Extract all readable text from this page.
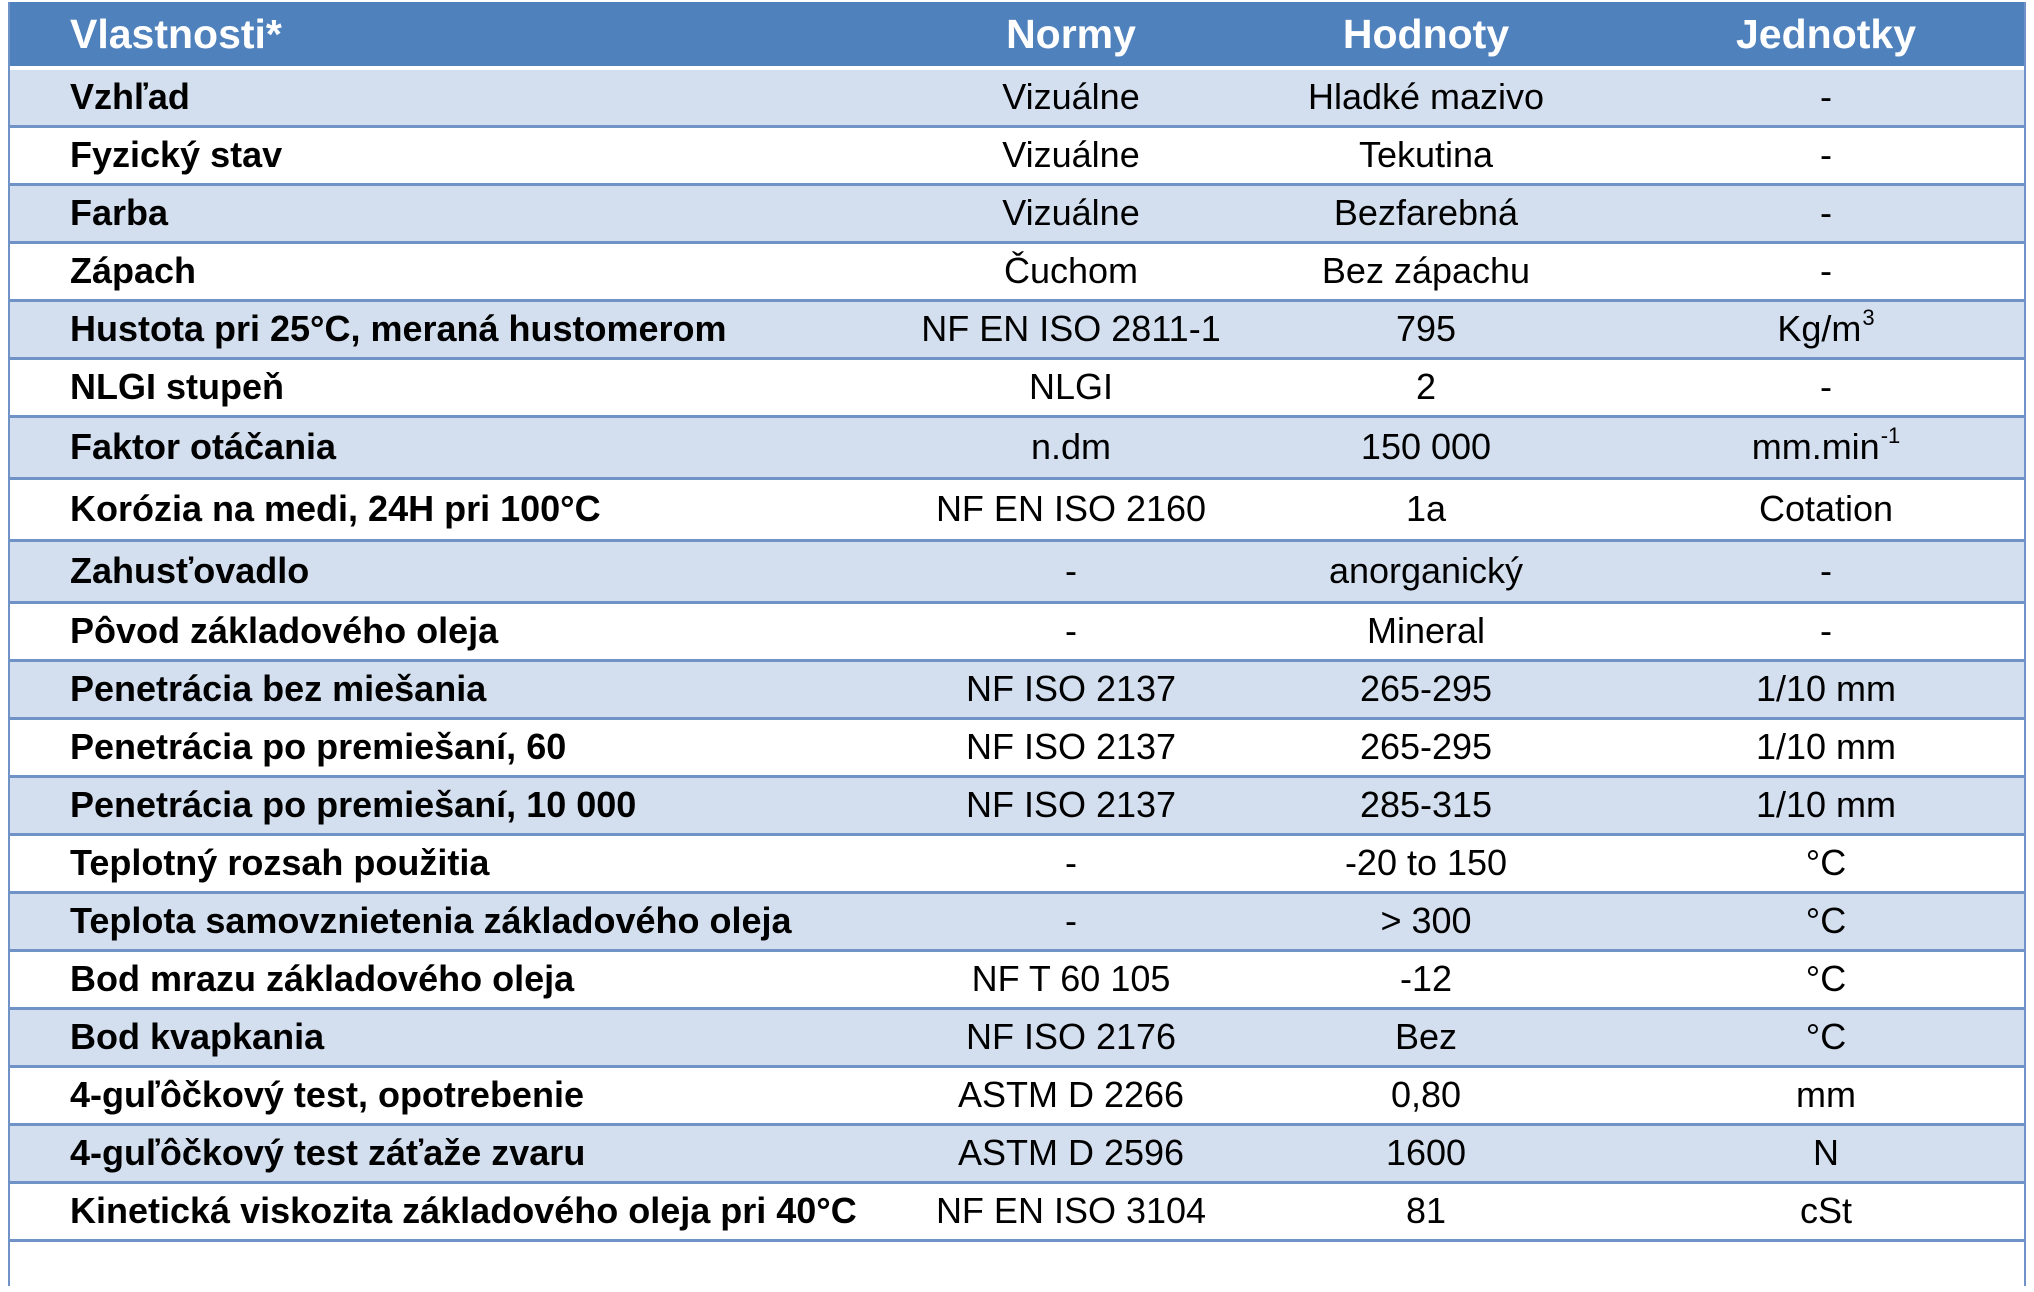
Vlastnosti*	Normy	Hodnoty	Jednotky
Vzhľad	Vizuálne	Hladké mazivo	-
Fyzický stav	Vizuálne	Tekutina	-
Farba	Vizuálne	Bezfarebná	-
Zápach	Čuchom	Bez zápachu	-
Hustota pri 25°C, meraná hustomerom	NF EN ISO 2811-1	795	$Kg/m^3$
NLGI stupeň	NLGI	2	-
Faktor otáčania	n.dm	150 000	$mm.\min^{-1}$
Korózia na medi, 24H pri 100°C	NF EN ISO 2160	1a	Cotation
Zahusťovadlo	-	anorganický	-
Pôvod základového oleja	-	Mineral	-
Penetrácia bez miešania	NF ISO 2137	265-295	1/10 mm
Penetrácia po premiešaní, 60	NF ISO 2137	265-295	1/10 mm
Penetrácia po premiešaní, 10 000	NF ISO 2137	285-315	1/10 mm
Teplotný rozsah použitia	-	-20 to 150	°C
Teplota samovznietenia základového oleja	-	> 300	°C
Bod mrazu základového oleja	NF T 60 105	-12	°C
Bod kvapkania	NF ISO 2176	Bez	°C
4-guľôčkový test, opotrebenie	ASTM D 2266	0,80	mm
4-guľôčkový test záťaže zvaru	ASTM D 2596	1600	N
Kinetická viskozita základového oleja pri 40°C	NF EN ISO 3104	81	cSt
